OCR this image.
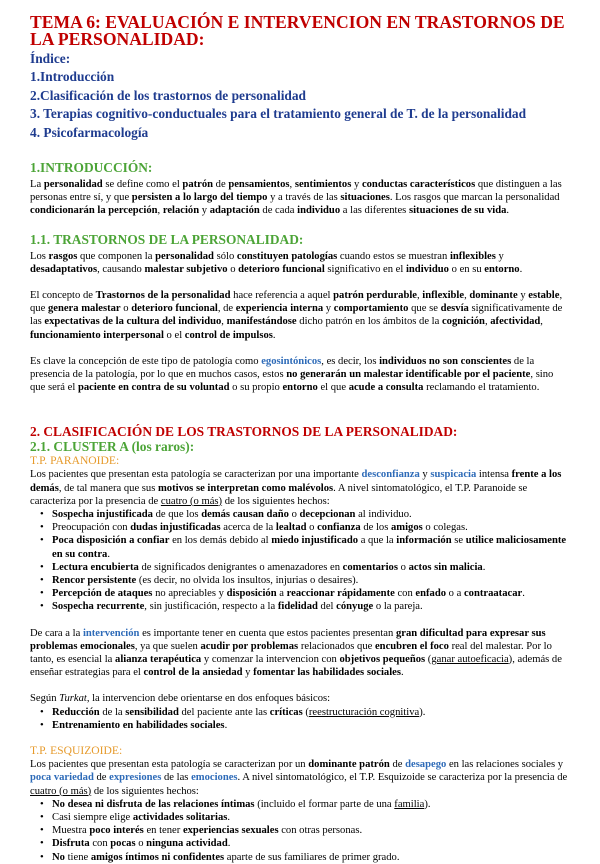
TEMA 6: EVALUACIÓN E INTERVENCION EN TRASTORNOS DE LA PERSONALIDAD:
Índice:
1.Introducción
2.Clasificación de los trastornos de personalidad
3. Terapias cognitivo-conductuales para el tratamiento general de T. de la personalidad
4. Psicofarmacología
1.INTRODUCCIÓN:

La personalidad se define como el patrón de pensamientos, sentimientos y conductas característicos que distinguen a las personas entre sí, y que persisten a lo largo del tiempo y a través de las situaciones. Los rasgos que marcan la personalidad condicionarán la percepción, relación y adaptación de cada individuo a las diferentes situaciones de su vida.

1.1. TRASTORNOS DE LA PERSONALIDAD:

Los rasgos que componen la personalidad sólo constituyen patologías cuando estos se muestran inflexibles y desadaptativos, causando malestar subjetivo o deterioro funcional significativo en el individuo o en su entorno.

El concepto de Trastornos de la personalidad hace referencia a aquel patrón perdurable, inflexible, dominante y estable, que genera malestar o deterioro funcional, de experiencia interna y comportamiento que se desvía significativamente de las expectativas de la cultura del individuo, manifestándose dicho patrón en los ámbitos de la cognición, afectividad, funcionamiento interpersonal o el control de impulsos.

Es clave la concepción de este tipo de patología como egosintónicos, es decir, los individuos no son conscientes de la presencia de la patología, por lo que en muchos casos, estos no generarán un malestar identificable por el paciente, sino que será el paciente en contra de su voluntad o su propio entorno el que acude a consulta reclamando el tratamiento.

2. CLASIFICACIÓN DE LOS TRASTORNOS DE LA PERSONALIDAD:
2.1. CLUSTER A (los raros):
T.P. PARANOIDE:

Los pacientes que presentan esta patología se caracterizan por una importante desconfianza y suspicacia intensa frente a los demás, de tal manera que sus motivos se interpretan como malévolos. A nivel sintomatológico, el T.P. Paranoide se caracteriza por la presencia de cuatro (o más) de los siguientes hechos:

• Sospecha injustificada de que los demás causan daño o decepcionan al individuo.
• Preocupación con dudas injustificadas acerca de la lealtad o confianza de los amigos o colegas.
• Poca disposición a confiar en los demás debido al miedo injustificado a que la información se utilice maliciosamente en su contra.
• Lectura encubierta de significados denigrantes o amenazadores en comentarios o actos sin malicia.
• Rencor persistente (es decir, no olvida los insultos, injurias o desaires).
• Percepción de ataques no apreciables y disposición a reaccionar rápidamente con enfado o a contraatacar.
• Sospecha recurrente, sin justificación, respecto a la fidelidad del cónyuge o la pareja.

De cara a la intervención es importante tener en cuenta que estos pacientes presentan gran dificultad para expresar sus problemas emocionales, ya que suelen acudir por problemas relacionados que encubren el foco real del malestar. Por lo tanto, es esencial la alianza terapéutica y comenzar la intervencion con objetivos pequeños (ganar autoeficacia), además de enseñar estrategias para el control de la ansiedad y fomentar las habilidades sociales.

Según Turkat, la intervencion debe orientarse en dos enfoques básicos:

• Reducción de la sensibilidad del paciente ante las críticas (reestructuración cognitiva).
• Entrenamiento en habilidades sociales.
T.P. ESQUIZOIDE:

Los pacientes que presentan esta patología se caracterizan por un dominante patrón de desapego en las relaciones sociales y poca variedad de expresiones de las emociones. A nivel sintomatológico, el T.P. Esquizoide se caracteriza por la presencia de cuatro (o más) de los siguientes hechos:

• No desea ni disfruta de las relaciones íntimas (incluido el formar parte de una familia).
• Casi siempre elige actividades solitarias.
• Muestra poco interés en tener experiencias sexuales con otras personas.
• Disfruta con pocas o ninguna actividad.
• No tiene amigos íntimos ni confidentes aparte de sus familiares de primer grado.
